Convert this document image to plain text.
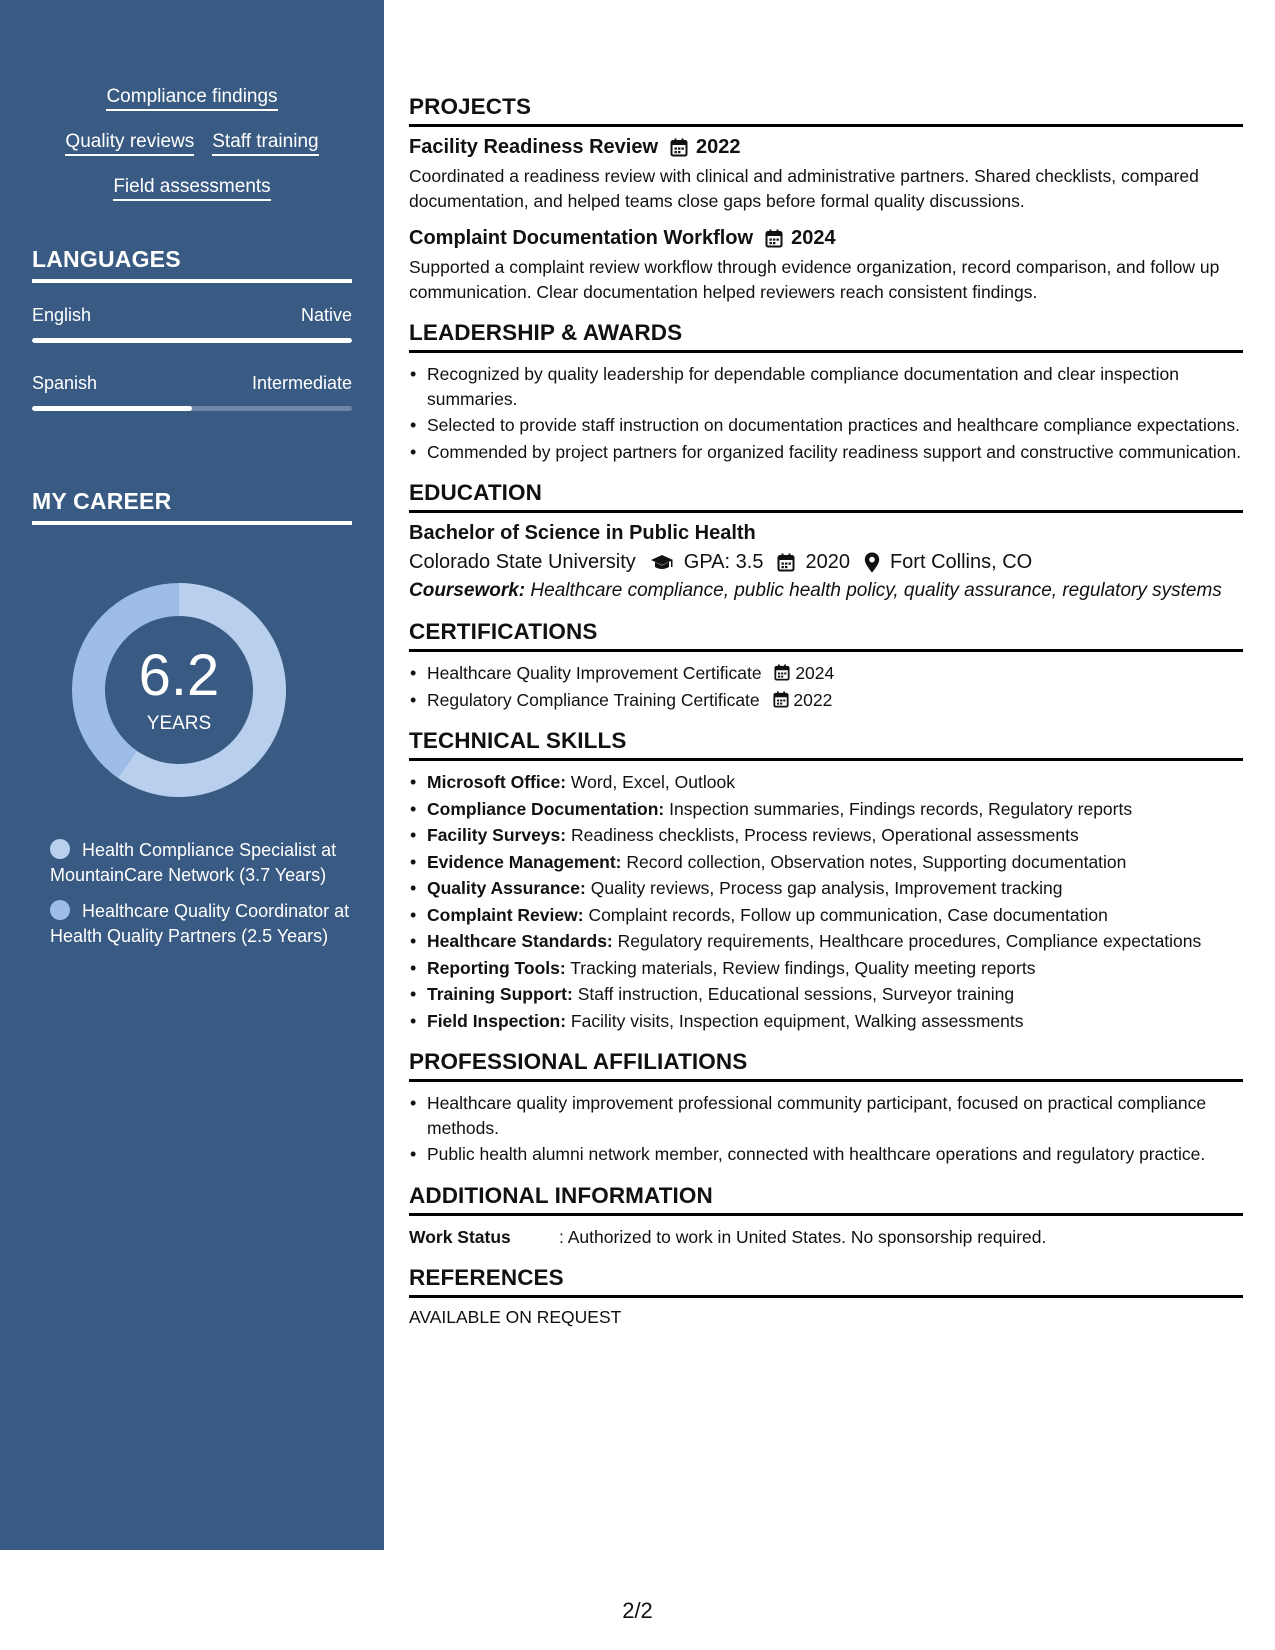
Compliance findings
Quality reviews Staff training
Field assessments
LANGUAGES
English	Native
Spanish	Intermediate
MY CAREER
6.2
YEARS
Health Compliance Specialist at MountainCare Network (3.7 Years)
Healthcare Quality Coordinator at Health Quality Partners (2.5 Years)
PROJECTS
Facility Readiness Review 2022
Coordinated a readiness review with clinical and administrative partners. Shared checklists, compared documentation, and helped teams close gaps before formal quality discussions.
Complaint Documentation Workflow 2024
Supported a complaint review workflow through evidence organization, record comparison, and follow up communication. Clear documentation helped reviewers reach consistent findings.
LEADERSHIP & AWARDS
• Recognized by quality leadership for dependable compliance documentation and clear inspection summaries.
• Selected to provide staff instruction on documentation practices and healthcare compliance expectations.
• Commended by project partners for organized facility readiness support and constructive communication.
EDUCATION
Bachelor of Science in Public Health
Colorado State University GPA: 3.5 2020 Fort Collins, CO
Coursework: Healthcare compliance, public health policy, quality assurance, regulatory systems
CERTIFICATIONS
• Healthcare Quality Improvement Certificate 2024
• Regulatory Compliance Training Certificate 2022
TECHNICAL SKILLS
• Microsoft Office: Word, Excel, Outlook
• Compliance Documentation: Inspection summaries, Findings records, Regulatory reports
• Facility Surveys: Readiness checklists, Process reviews, Operational assessments
• Evidence Management: Record collection, Observation notes, Supporting documentation
• Quality Assurance: Quality reviews, Process gap analysis, Improvement tracking
• Complaint Review: Complaint records, Follow up communication, Case documentation
• Healthcare Standards: Regulatory requirements, Healthcare procedures, Compliance expectations
• Reporting Tools: Tracking materials, Review findings, Quality meeting reports
• Training Support: Staff instruction, Educational sessions, Surveyor training
• Field Inspection: Facility visits, Inspection equipment, Walking assessments
PROFESSIONAL AFFILIATIONS
• Healthcare quality improvement professional community participant, focused on practical compliance methods.
• Public health alumni network member, connected with healthcare operations and regulatory practice.
ADDITIONAL INFORMATION
Work Status	: Authorized to work in United States. No sponsorship required.
REFERENCES
AVAILABLE ON REQUEST
2/2
